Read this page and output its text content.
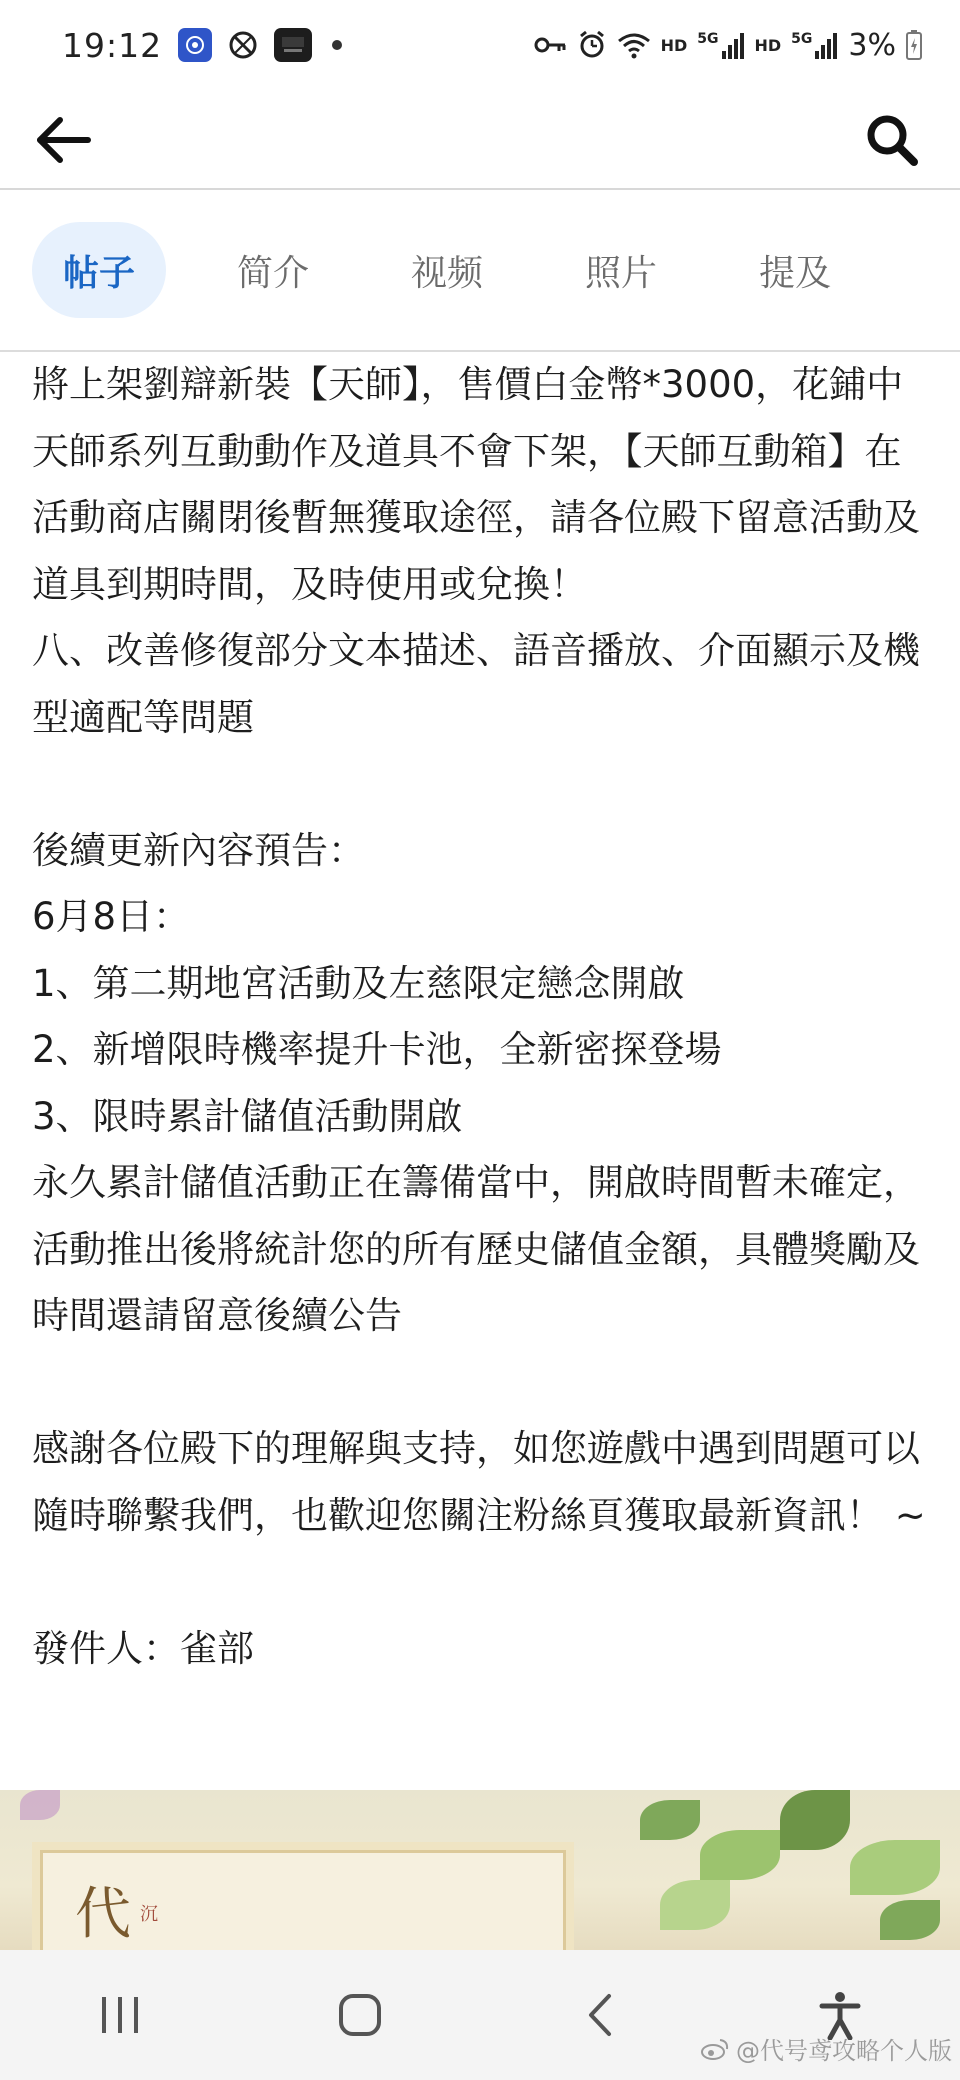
19:12	HD 5G HD 5G 3%
帖子	简介	视频	照片	提及

將上架劉辯新裝【天師】，售價白金幣*3000，花鋪中天師系列互動動作及道具不會下架，【天師互動箱】在活動商店關閉後暫無獲取途徑，請各位殿下留意活動及道具到期時間，及時使用或兌換！

八、改善修復部分文本描述、語音播放、介面顯示及機型適配等問題

後續更新內容預告：

6月8日：

1、第二期地宮活動及左慈限定戀念開啟

2、新增限時機率提升卡池，全新密探登場

3、限時累計儲值活動開啟

永久累計儲值活動正在籌備當中，開啟時間暫未確定，活動推出後將統計您的所有歷史儲值金額，具體獎勵及時間還請留意後續公告

感謝各位殿下的理解與支持，如您遊戲中遇到問題可以隨時聯繫我們，也歡迎您關注粉絲頁獲取最新資訊！ ~

發件人：雀部

代 沉
@代号鸢攻略个人版
